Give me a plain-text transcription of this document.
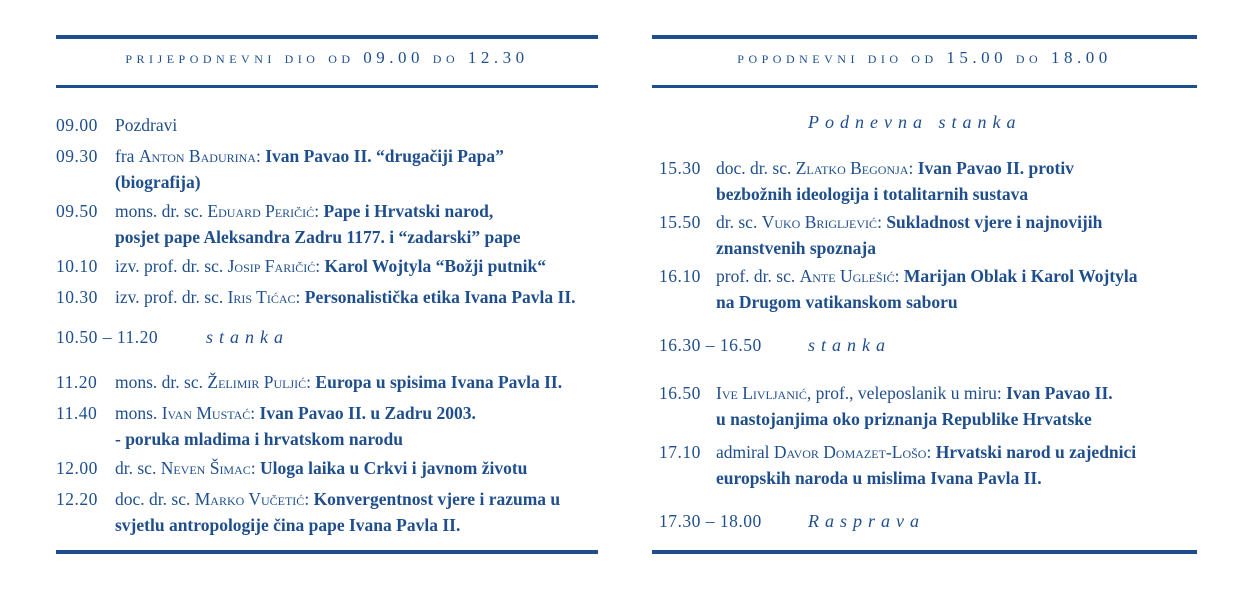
prijepodnevni dio od 09.00 do 12.30
09.00 Pozdravi
09.30 fra Anton Badurina: Ivan Pavao II. “drugačiji Papa”
(biografija)
09.50 mons. dr. sc. Eduard Peričić: Pape i Hrvatski narod,
posjet pape Aleksandra Zadru 1177. i “zadarski” pape
10.10 izv. prof. dr. sc. Josip Faričić: Karol Wojtyla “Božji putnik“
10.30 izv. prof. dr. sc. Iris Tićac: Personalistička etika Ivana Pavla II.
10.50 – 11.20	stanka
11.20 mons. dr. sc. Želimir Puljić: Europa u spisima Ivana Pavla II.
11.40 mons. Ivan Mustać: Ivan Pavao II. u Zadru 2003.
- poruka mladima i hrvatskom narodu
12.00 dr. sc. Neven Šimac: Uloga laika u Crkvi i javnom životu
12.20 doc. dr. sc. Marko Vučetić: Konvergentnost vjere i razuma u
svjetlu antropologije čina pape Ivana Pavla II.
popodnevni dio od 15.00 do 18.00
Podnevna stanka
15.30 doc. dr. sc. Zlatko Begonja: Ivan Pavao II. protiv
bezbožnih ideologija i totalitarnih sustava
15.50 dr. sc. Vuko Brigljević: Sukladnost vjere i najnovijih
znanstvenih spoznaja
16.10 prof. dr. sc. Ante Uglešić: Marijan Oblak i Karol Wojtyla
na Drugom vatikanskom saboru
16.30 – 16.50	stanka
16.50 Ive Livljanić, prof., veleposlanik u miru: Ivan Pavao II.
u nastojanjima oko priznanja Republike Hrvatske
17.10 admiral Davor Domazet-Lošo: Hrvatski narod u zajednici
europskih naroda u mislima Ivana Pavla II.
17.30 – 18.00	Rasprava
